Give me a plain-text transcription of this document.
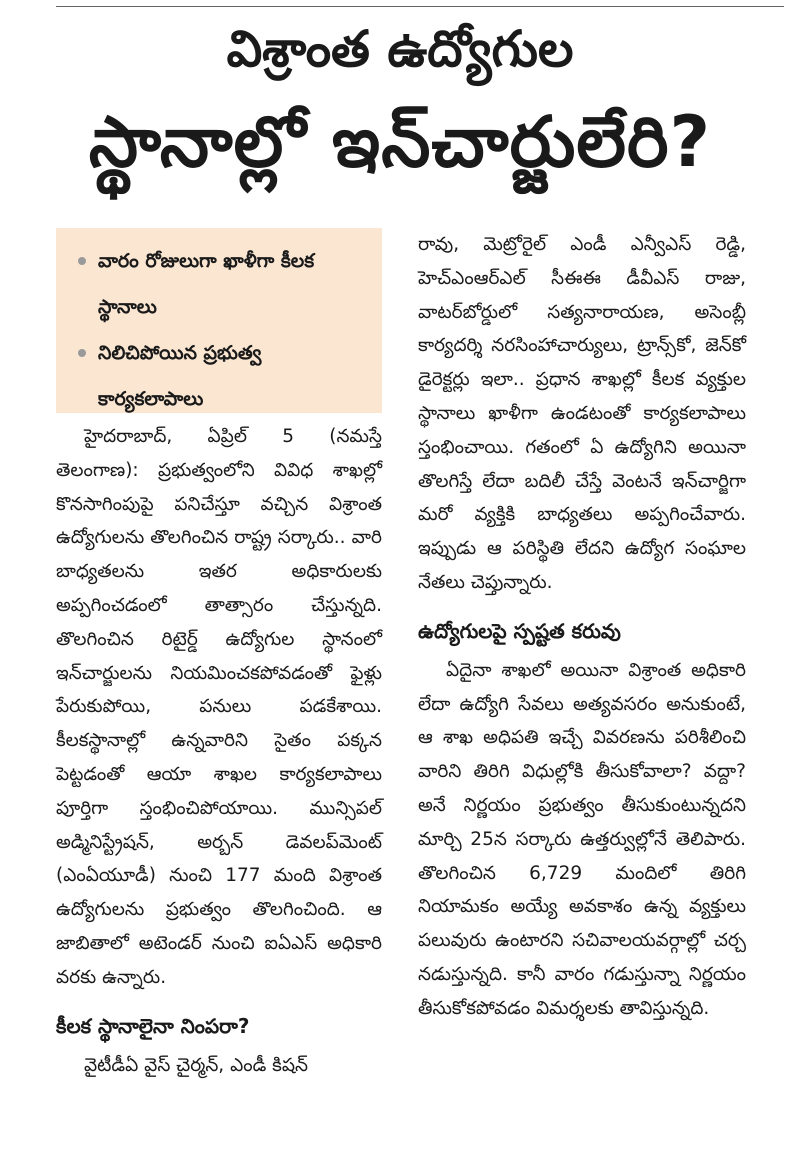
విశ్రాంత ఉద్యోగుల
స్థానాల్లో ఇన్‌చార్జులేరి?
వారం రోజులుగా ఖాళీగా కీలక స్థానాలు
నిలిచిపోయిన ప్రభుత్వ కార్యకలాపాలు

హైదరాబాద్, ఏప్రిల్ 5 (నమస్తే తెలంగాణ): ప్రభుత్వంలోని వివిధ శాఖల్లో కొనసాగింపుపై పనిచేస్తూ వచ్చిన విశ్రాంత ఉద్యోగులను తొలగించిన రాష్ట్ర సర్కారు.. వారి బాధ్యతలను ఇతర అధికారులకు అప్పగించడంలో తాత్సారం చేస్తున్నది. తొలగించిన రిటైర్డ్ ఉద్యోగుల స్థానంలో ఇన్‌చార్జులను నియమించకపోవడంతో ఫైళ్లు పేరుకుపోయి, పనులు పడకేశాయి. కీలకస్థానాల్లో ఉన్నవారిని సైతం పక్కన పెట్టడంతో ఆయా శాఖల కార్యకలాపాలు పూర్తిగా స్తంభించిపోయాయి. మున్సిపల్ అడ్మినిస్ట్రేషన్, అర్బన్ డెవలప్‌మెంట్ (ఎంఏయూడీ) నుంచి 177 మంది విశ్రాంత ఉద్యోగులను ప్రభుత్వం తొలగించింది. ఆ జాబితాలో అటెండర్ నుంచి ఐఏఎస్ అధికారి వరకు ఉన్నారు.

కీలక స్థానాలైనా నింపరా?

వైటీడీఏ వైస్ చైర్మన్, ఎండీ కిషన్

రావు, మెట్రోరైల్ ఎండీ ఎన్వీఎస్ రెడ్డి, హెచ్‌ఎంఆర్‌ఎల్ సీఈఈ డీవీఎస్ రాజు, వాటర్‌బోర్డులో సత్యనారాయణ, అసెంబ్లీ కార్యదర్శి నరసింహాచార్యులు, ట్రాన్స్‌కో, జెన్‌కో డైరెక్టర్లు ఇలా.. ప్రధాన శాఖల్లో కీలక వ్యక్తుల స్థానాలు ఖాళీగా ఉండటంతో కార్యకలాపాలు స్తంభించాయి. గతంలో ఏ ఉద్యోగిని అయినా తొలగిస్తే లేదా బదిలీ చేస్తే వెంటనే ఇన్‌చార్జిగా మరో వ్యక్తికి బాధ్యతలు అప్పగించేవారు. ఇప్పుడు ఆ పరిస్థితి లేదని ఉద్యోగ సంఘాల నేతలు చెప్తున్నారు.

ఉద్యోగులపై స్పష్టత కరువు

ఏదైనా శాఖలో అయినా విశ్రాంత అధికారి లేదా ఉద్యోగి సేవలు అత్యవసరం అనుకుంటే, ఆ శాఖ అధిపతి ఇచ్చే వివరణను పరిశీలించి వారిని తిరిగి విధుల్లోకి తీసుకోవాలా? వద్దా? అనే నిర్ణయం ప్రభుత్వం తీసుకుంటున్నదని మార్చి 25న సర్కారు ఉత్తర్వుల్లోనే తెలిపారు. తొలగించిన 6,729 మందిలో తిరిగి నియామకం అయ్యే అవకాశం ఉన్న వ్యక్తులు పలువురు ఉంటారని సచివాలయవర్గాల్లో చర్చ నడుస్తున్నది. కానీ వారం గడుస్తున్నా నిర్ణయం తీసుకోకపోవడం విమర్శలకు తావిస్తున్నది.
